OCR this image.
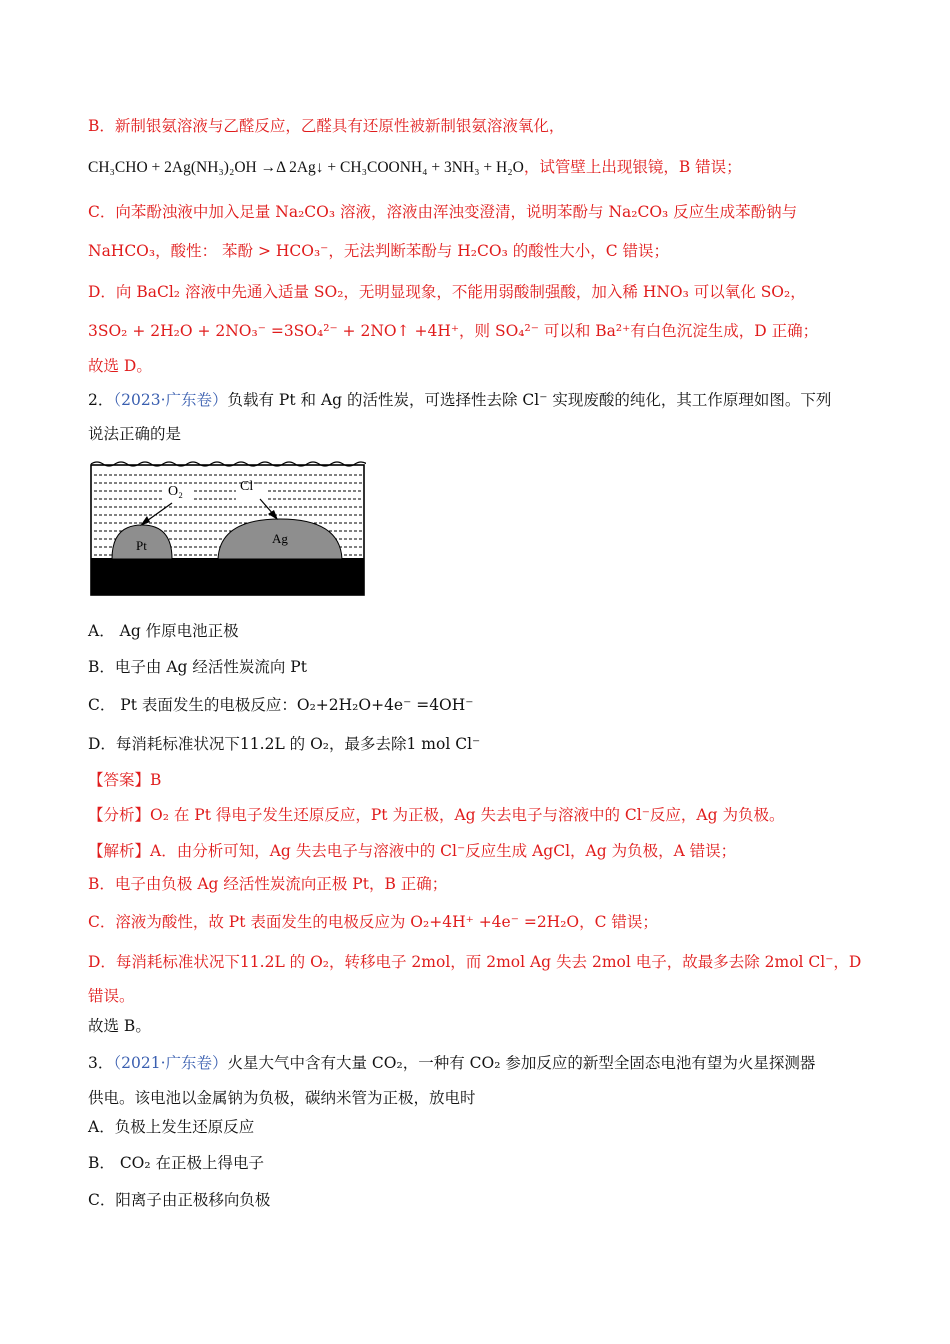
B．新制银氨溶液与乙醛反应，乙醛具有还原性被新制银氨溶液氧化，
CH₃CHO + 2Ag(NH₃)₂OH →Δ 2Ag↓ + CH₃COONH₄ + 3NH₃ + H₂O，试管壁上出现银镜，B 错误；
C．向苯酚浊液中加入足量 Na₂CO₃ 溶液，溶液由浑浊变澄清，说明苯酚与 Na₂CO₃ 反应生成苯酚钠与
NaHCO₃，酸性： 苯酚 > HCO₃⁻，无法判断苯酚与 H₂CO₃ 的酸性大小，C 错误；
D．向 BaCl₂ 溶液中先通入适量 SO₂，无明显现象，不能用弱酸制强酸，加入稀 HNO₃ 可以氧化 SO₂，
3SO₂ + 2H₂O + 2NO₃⁻ =3SO₄²⁻ + 2NO↑ +4H⁺，则 SO₄²⁻ 可以和 Ba²⁺有白色沉淀生成，D 正确；
故选 D。
2．（2023·广东卷）负载有 Pt 和 Ag 的活性炭，可选择性去除 Cl⁻ 实现废酸的纯化，其工作原理如图。下列
说法正确的是
O₂	Cl⁻
Pt	Ag
A． Ag 作原电池正极
B．电子由 Ag 经活性炭流向 Pt
C． Pt 表面发生的电极反应：O₂+2H₂O+4e⁻ =4OH⁻
D．每消耗标准状况下11.2L 的 O₂，最多去除1 mol Cl⁻
【答案】B
【分析】O₂ 在 Pt 得电子发生还原反应，Pt 为正极，Ag 失去电子与溶液中的 Cl⁻反应，Ag 为负极。
【解析】A．由分析可知，Ag 失去电子与溶液中的 Cl⁻反应生成 AgCl，Ag 为负极，A 错误；
B．电子由负极 Ag 经活性炭流向正极 Pt，B 正确；
C．溶液为酸性，故 Pt 表面发生的电极反应为 O₂+4H⁺ +4e⁻ =2H₂O，C 错误；
D．每消耗标准状况下11.2L 的 O₂，转移电子 2mol，而 2mol Ag 失去 2mol 电子，故最多去除 2mol Cl⁻，D
错误。
故选 B。
3．（2021·广东卷）火星大气中含有大量 CO₂，一种有 CO₂ 参加反应的新型全固态电池有望为火星探测器
供电。该电池以金属钠为负极，碳纳米管为正极，放电时
A．负极上发生还原反应
B． CO₂ 在正极上得电子
C．阳离子由正极移向负极
